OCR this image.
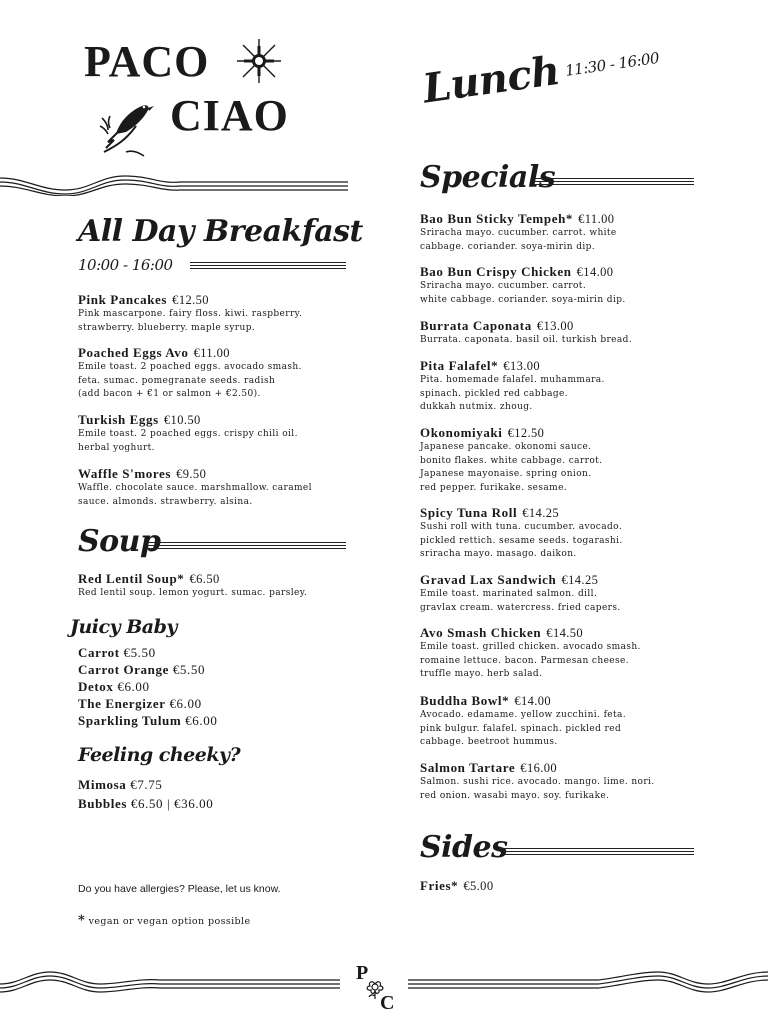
PACO
CIAO
All Day Breakfast
10:00 - 16:00
Pink Pancakes €12.50
Pink mascarpone. fairy floss. kiwi. raspberry.
strawberry. blueberry. maple syrup.
Poached Eggs Avo €11.00
Emile toast. 2 poached eggs. avocado smash.
feta. sumac. pomegranate seeds. radish
(add bacon + €1 or salmon + €2.50).
Turkish Eggs €10.50
Emile toast. 2 poached eggs. crispy chili oil.
herbal yoghurt.
Waffle S'mores €9.50
Waffle. chocolate sauce. marshmallow. caramel
sauce. almonds. strawberry. alsina.
Soup
Red Lentil Soup* €6.50
Red lentil soup. lemon yogurt. sumac. parsley.
Juicy Baby
Carrot €5.50
Carrot Orange €5.50
Detox €6.00
The Energizer €6.00
Sparkling Tulum €6.00
Feeling cheeky?
Mimosa €7.75
Bubbles €6.50 | €36.00
Do you have allergies? Please, let us know.
* vegan or vegan option possible
Lunch 11:30 - 16:00
Specials
Bao Bun Sticky Tempeh* €11.00
Sriracha mayo. cucumber. carrot. white
cabbage. coriander. soya-mirin dip.
Bao Bun Crispy Chicken €14.00
Sriracha mayo. cucumber. carrot.
white cabbage. coriander. soya-mirin dip.
Burrata Caponata €13.00
Burrata. caponata. basil oil. turkish bread.
Pita Falafel* €13.00
Pita. homemade falafel. muhammara.
spinach. pickled red cabbage.
dukkah nutmix. zhoug.
Okonomiyaki €12.50
Japanese pancake. okonomi sauce.
bonito flakes. white cabbage. carrot.
Japanese mayonaise. spring onion.
red pepper. furikake. sesame.
Spicy Tuna Roll €14.25
Sushi roll with tuna. cucumber. avocado.
pickled rettich. sesame seeds. togarashi.
sriracha mayo. masago. daikon.
Gravad Lax Sandwich €14.25
Emile toast. marinated salmon. dill.
gravlax cream. watercress. fried capers.
Avo Smash Chicken €14.50
Emile toast. grilled chicken. avocado smash.
romaine lettuce. bacon. Parmesan cheese.
truffle mayo. herb salad.
Buddha Bowl* €14.00
Avocado. edamame. yellow zucchini. feta.
pink bulgur. falafel. spinach. pickled red
cabbage. beetroot hummus.
Salmon Tartare €16.00
Salmon. sushi rice. avocado. mango. lime. nori.
red onion. wasabi mayo. soy. furikake.
Sides
Fries* €5.00
P
C
